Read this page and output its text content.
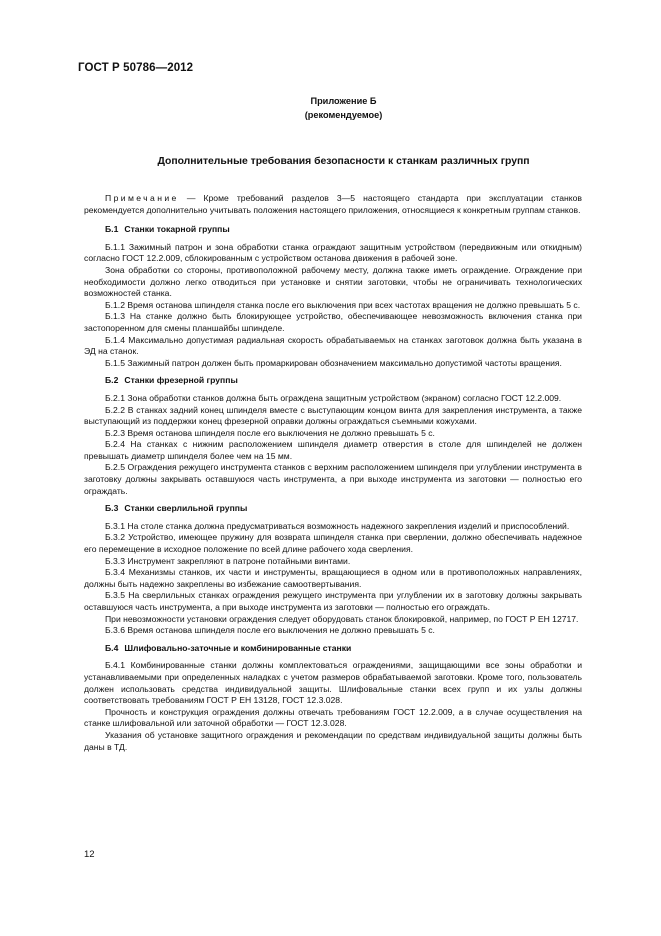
ГОСТ Р 50786—2012
Приложение Б
(рекомендуемое)
Дополнительные требования безопасности к станкам различных групп

Примечание — Кроме требований разделов 3—5 настоящего стандарта при эксплуатации станков рекомендуется дополнительно учитывать положения настоящего приложения, относящиеся к конкретным группам станков.

Б.1 Станки токарной группы

Б.1.1 Зажимный патрон и зона обработки станка ограждают защитным устройством (передвижным или откидным) согласно ГОСТ 12.2.009, сблокированным с устройством останова движения в рабочей зоне.

Зона обработки со стороны, противоположной рабочему месту, должна также иметь ограждение. Ограждение при необходимости должно легко отводиться при установке и снятии заготовки, чтобы не ограничивать технологических возможностей станка.

Б.1.2 Время останова шпинделя станка после его выключения при всех частотах вращения не должно превышать 5 с.

Б.1.3 На станке должно быть блокирующее устройство, обеспечивающее невозможность включения станка при застопоренном для смены планшайбы шпинделе.

Б.1.4 Максимально допустимая радиальная скорость обрабатываемых на станках заготовок должна быть указана в ЭД на станок.

Б.1.5 Зажимный патрон должен быть промаркирован обозначением максимально допустимой частоты вращения.

Б.2 Станки фрезерной группы

Б.2.1 Зона обработки станков должна быть ограждена защитным устройством (экраном) согласно ГОСТ 12.2.009.

Б.2.2 В станках задний конец шпинделя вместе с выступающим концом винта для закрепления инструмента, а также выступающий из поддержки конец фрезерной оправки должны ограждаться съемными кожухами.

Б.2.3 Время останова шпинделя после его выключения не должно превышать 5 с.

Б.2.4 На станках с нижним расположением шпинделя диаметр отверстия в столе для шпинделей не должен превышать диаметр шпинделя более чем на 15 мм.

Б.2.5 Ограждения режущего инструмента станков с верхним расположением шпинделя при углублении инструмента в заготовку должны закрывать оставшуюся часть инструмента, а при выходе инструмента из заготовки — полностью его ограждать.

Б.3 Станки сверлильной группы

Б.3.1 На столе станка должна предусматриваться возможность надежного закрепления изделий и приспособлений.

Б.3.2 Устройство, имеющее пружину для возврата шпинделя станка при сверлении, должно обеспечивать надежное его перемещение в исходное положение по всей длине рабочего хода сверления.

Б.3.3 Инструмент закрепляют в патроне потайными винтами.

Б.3.4 Механизмы станков, их части и инструменты, вращающиеся в одном или в противоположных направлениях, должны быть надежно закреплены во избежание самоотвертывания.

Б.3.5 На сверлильных станках ограждения режущего инструмента при углублении их в заготовку должны закрывать оставшуюся часть инструмента, а при выходе инструмента из заготовки — полностью его ограждать.

При невозможности установки ограждения следует оборудовать станок блокировкой, например, по ГОСТ Р ЕН 12717.

Б.3.6 Время останова шпинделя после его выключения не должно превышать 5 с.

Б.4 Шлифовально-заточные и комбинированные станки

Б.4.1 Комбинированные станки должны комплектоваться ограждениями, защищающими все зоны обработки и устанавливаемыми при определенных наладках с учетом размеров обрабатываемой заготовки. Кроме того, пользователь должен использовать средства индивидуальной защиты. Шлифовальные станки всех групп и их узлы должны соответствовать требованиям ГОСТ Р ЕН 13128, ГОСТ 12.3.028.

Прочность и конструкция ограждения должны отвечать требованиям ГОСТ 12.2.009, а в случае осуществления на станке шлифовальной или заточной обработки — ГОСТ 12.3.028.

Указания об установке защитного ограждения и рекомендации по средствам индивидуальной защиты должны быть даны в ТД.

12
